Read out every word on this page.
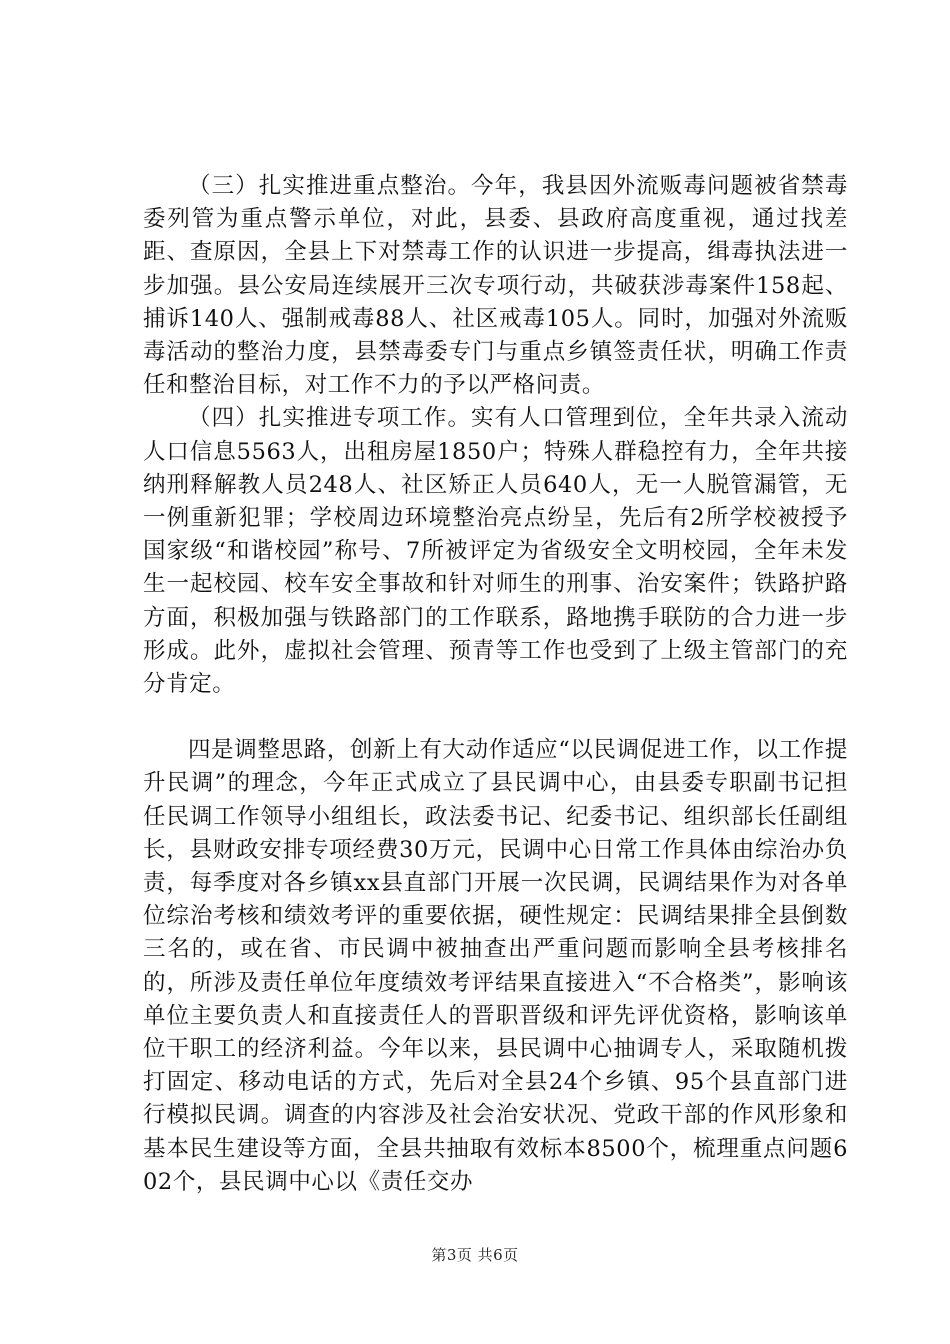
（三）扎实推进重点整治。今年，我县因外流贩毒问题被省禁毒委列管为重点警示单位，对此，县委、县政府高度重视，通过找差距、查原因，全县上下对禁毒工作的认识进一步提高，缉毒执法进一步加强。县公安局连续展开三次专项行动，共破获涉毒案件158起、捕诉140人、强制戒毒88人、社区戒毒105人。同时，加强对外流贩毒活动的整治力度，县禁毒委专门与重点乡镇签责任状，明确工作责任和整治目标，对工作不力的予以严格问责。

（四）扎实推进专项工作。实有人口管理到位，全年共录入流动人口信息5563人，出租房屋1850户；特殊人群稳控有力，全年共接纳刑释解教人员248人、社区矫正人员640人，无一人脱管漏管，无一例重新犯罪；学校周边环境整治亮点纷呈，先后有2所学校被授予国家级“和谐校园”称号、7所被评定为省级安全文明校园，全年未发生一起校园、校车安全事故和针对师生的刑事、治安案件；铁路护路方面，积极加强与铁路部门的工作联系，路地携手联防的合力进一步形成。此外，虚拟社会管理、预青等工作也受到了上级主管部门的充分肯定。

四是调整思路，创新上有大动作适应“以民调促进工作，以工作提升民调”的理念，今年正式成立了县民调中心，由县委专职副书记担任民调工作领导小组组长，政法委书记、纪委书记、组织部长任副组长，县财政安排专项经费30万元，民调中心日常工作具体由综治办负责，每季度对各乡镇xx县直部门开展一次民调，民调结果作为对各单位综治考核和绩效考评的重要依据，硬性规定：民调结果排全县倒数三名的，或在省、市民调中被抽查出严重问题而影响全县考核排名的，所涉及责任单位年度绩效考评结果直接进入“不合格类”，影响该单位主要负责人和直接责任人的晋职晋级和评先评优资格，影响该单位干职工的经济利益。今年以来，县民调中心抽调专人，采取随机拨打固定、移动电话的方式，先后对全县24个乡镇、95个县直部门进行模拟民调。调查的内容涉及社会治安状况、党政干部的作风形象和基本民生建设等方面，全县共抽取有效标本8500个，梳理重点问题602个，县民调中心以《责任交办

第3页 共6页
